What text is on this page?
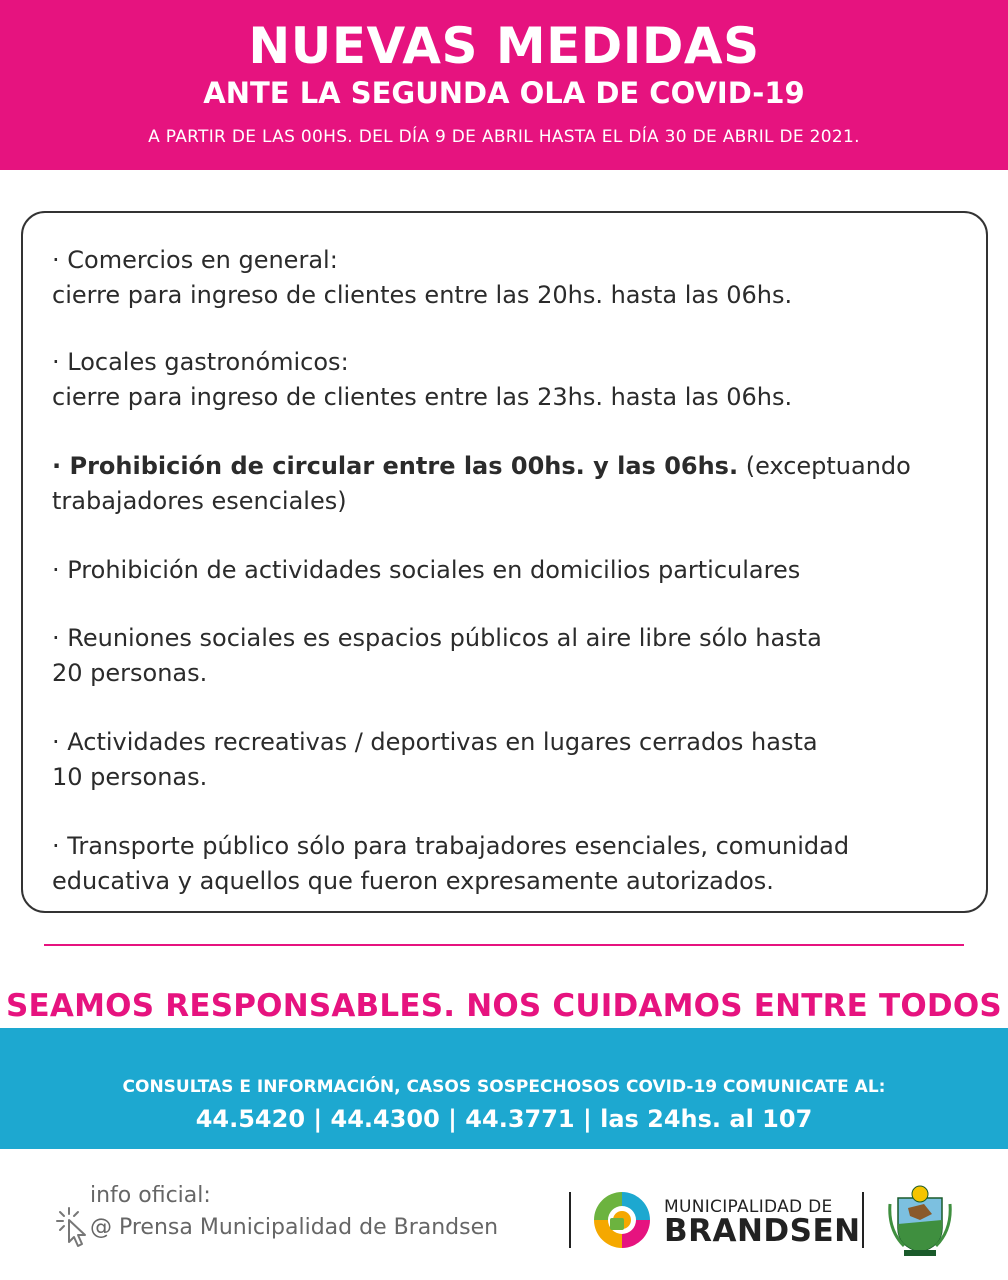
NUEVAS MEDIDAS
ANTE LA SEGUNDA OLA DE COVID-19
A PARTIR DE LAS 00HS. DEL DÍA 9 DE ABRIL HASTA EL DÍA 30 DE ABRIL DE 2021.
· Comercios en general:
cierre para ingreso de clientes entre las 20hs. hasta las 06hs.
· Locales gastronómicos:
cierre para ingreso de clientes entre las 23hs. hasta las 06hs.
· Prohibición de circular entre las 00hs. y las 06hs. (exceptuando
trabajadores esenciales)
· Prohibición de actividades sociales en domicilios particulares
· Reuniones sociales es espacios públicos al aire libre sólo hasta
20 personas.
· Actividades recreativas / deportivas en lugares cerrados hasta
10 personas.
· Transporte público sólo para trabajadores esenciales, comunidad
educativa y aquellos que fueron expresamente autorizados.
SEAMOS RESPONSABLES. NOS CUIDAMOS ENTRE TODOS
CONSULTAS E INFORMACIÓN, CASOS SOSPECHOSOS COVID-19 COMUNICATE AL:
44.5420 | 44.4300 | 44.3771 | las 24hs. al 107
info oficial:
@ Prensa Municipalidad de Brandsen
MUNICIPALIDAD DE
BRANDSEN
